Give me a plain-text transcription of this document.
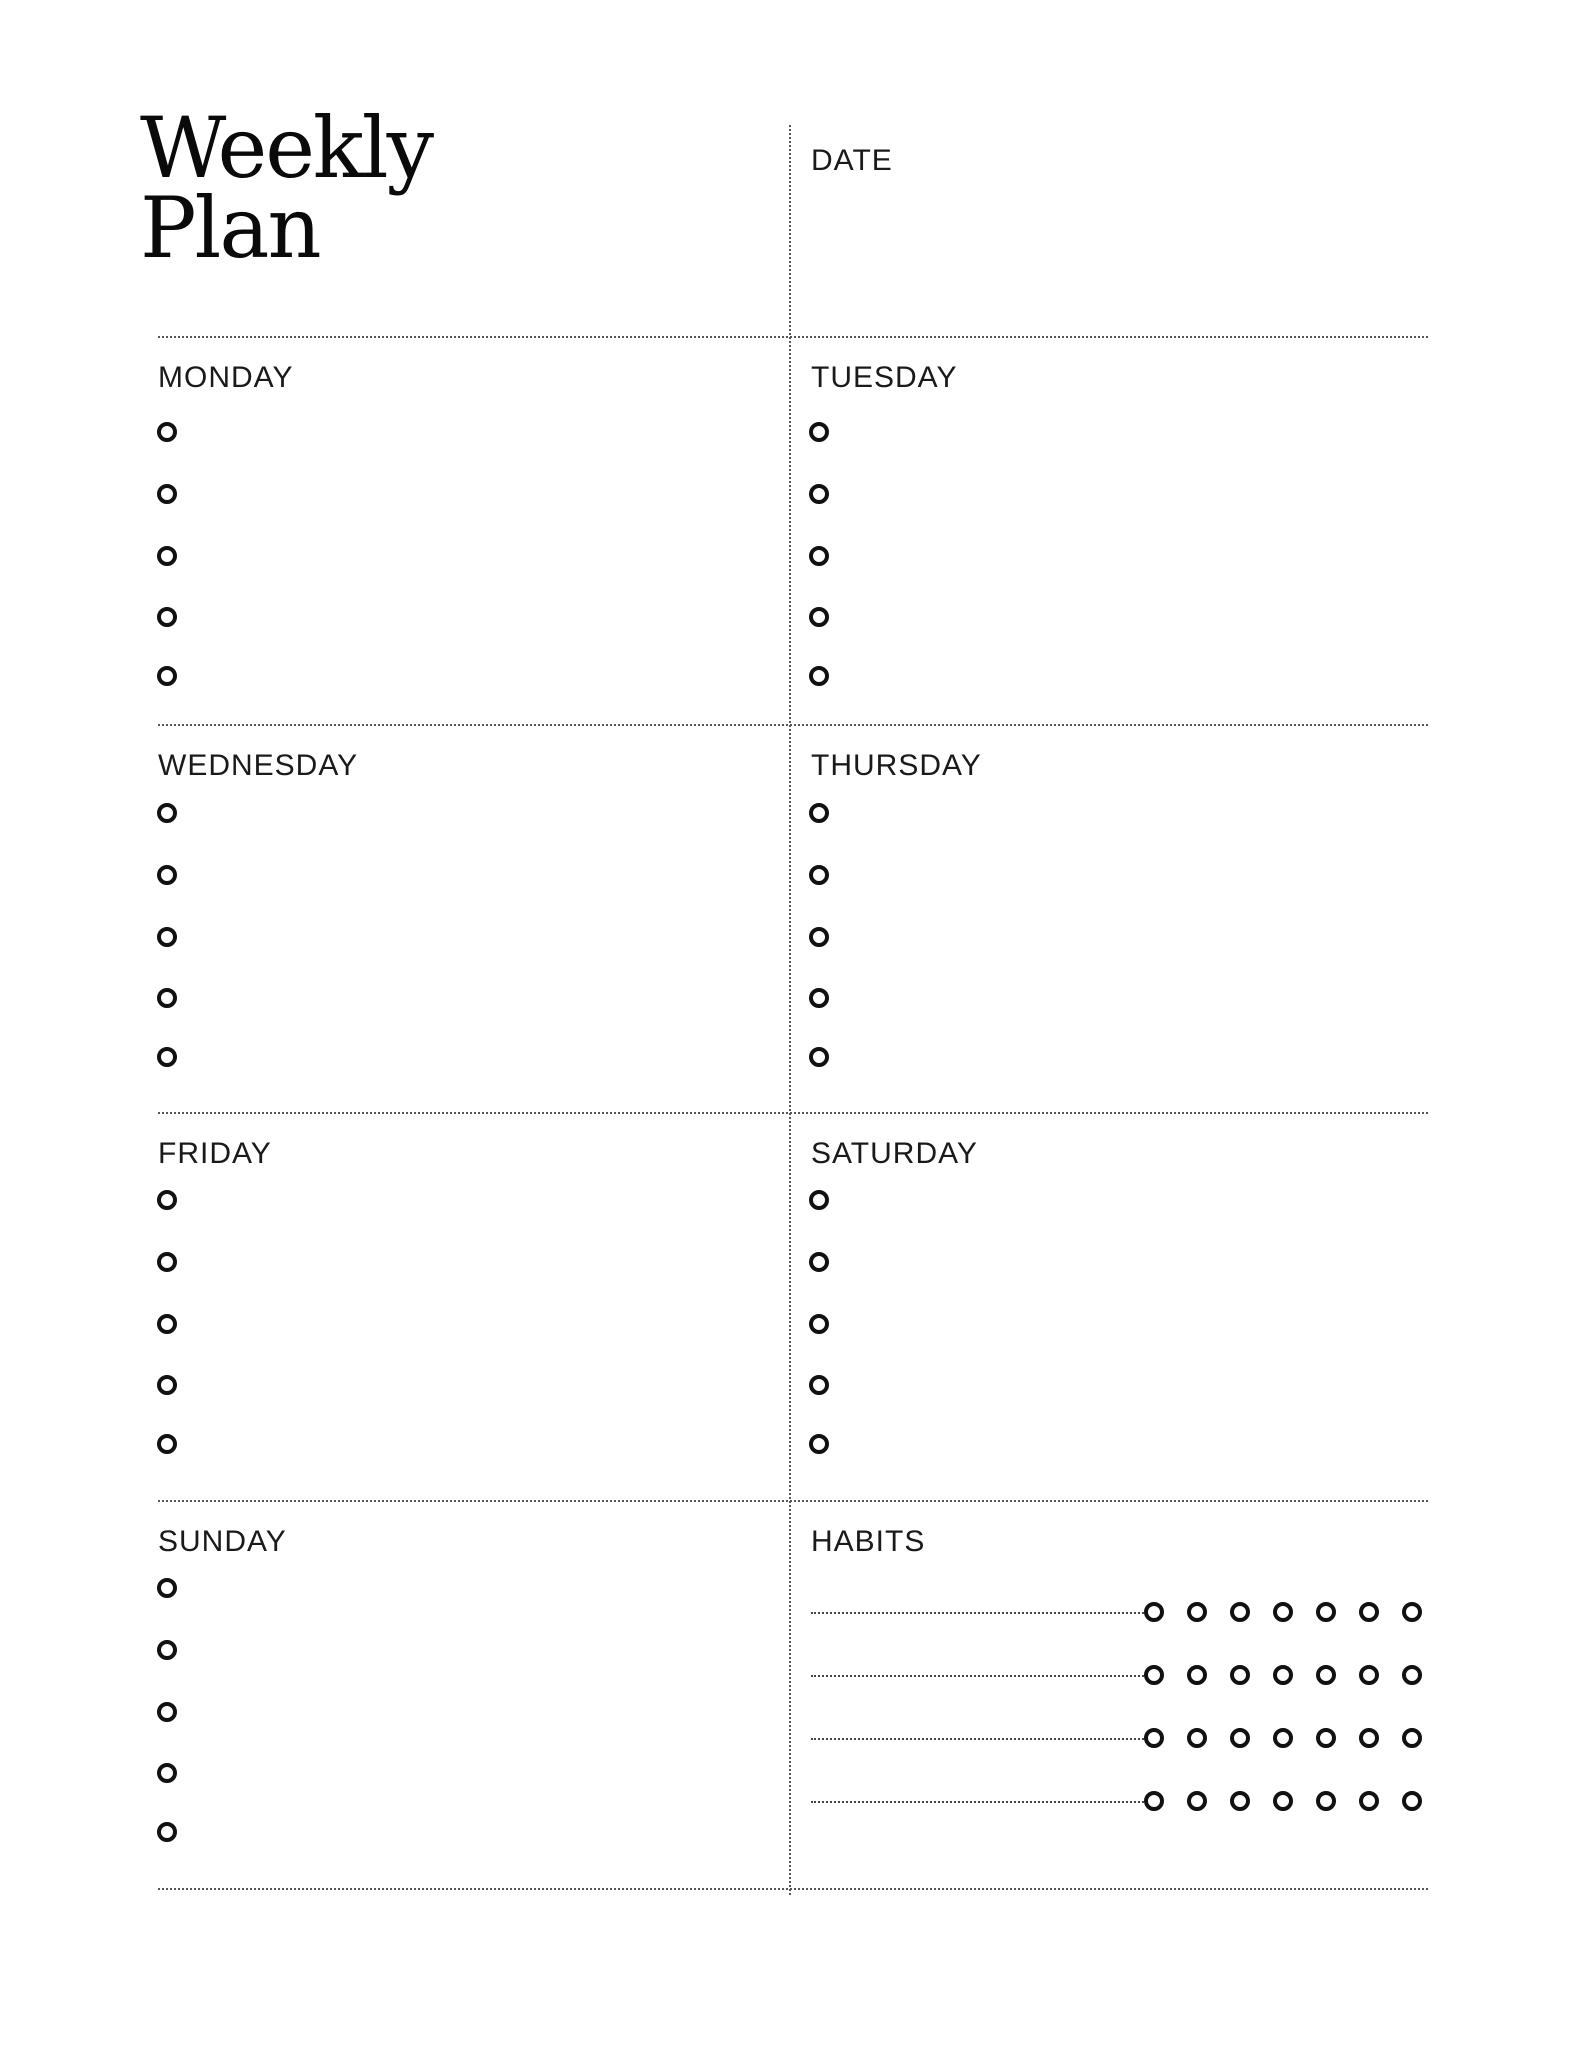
Weekly
Plan
DATE
MONDAY	TUESDAY
WEDNESDAY	THURSDAY
FRIDAY	SATURDAY
SUNDAY	HABITS
